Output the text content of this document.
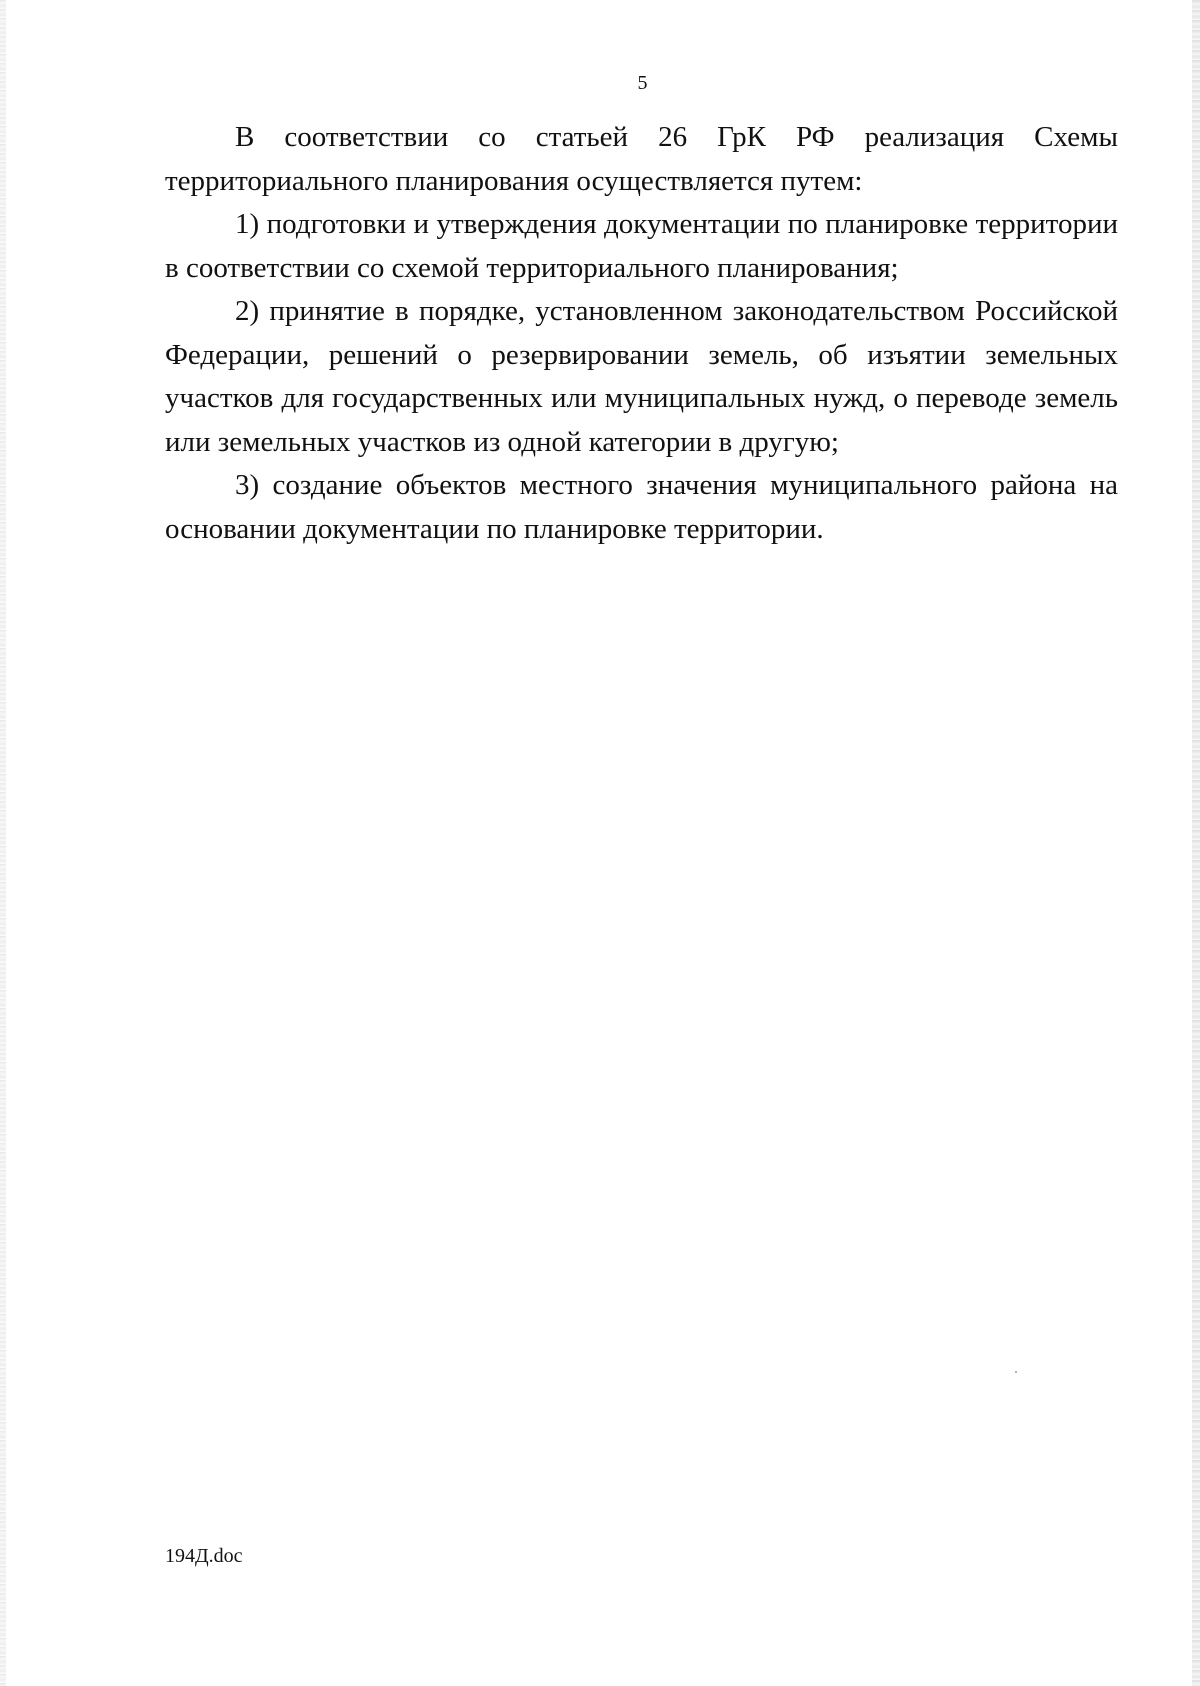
5

В соответствии со статьей 26 ГрК РФ реализация Схемы территориального планирования осуществляется путем:

1) подготовки и утверждения документации по планировке территории в соответствии со схемой территориального планирования;

2) принятие в порядке, установленном законодательством Российской Федерации, решений о резервировании земель, об изъятии земельных участков для государственных или муниципальных нужд, о переводе земель или земельных участков из одной категории в другую;

3) создание объектов местного значения муниципального района на основании документации по планировке территории.

194Д.doc
